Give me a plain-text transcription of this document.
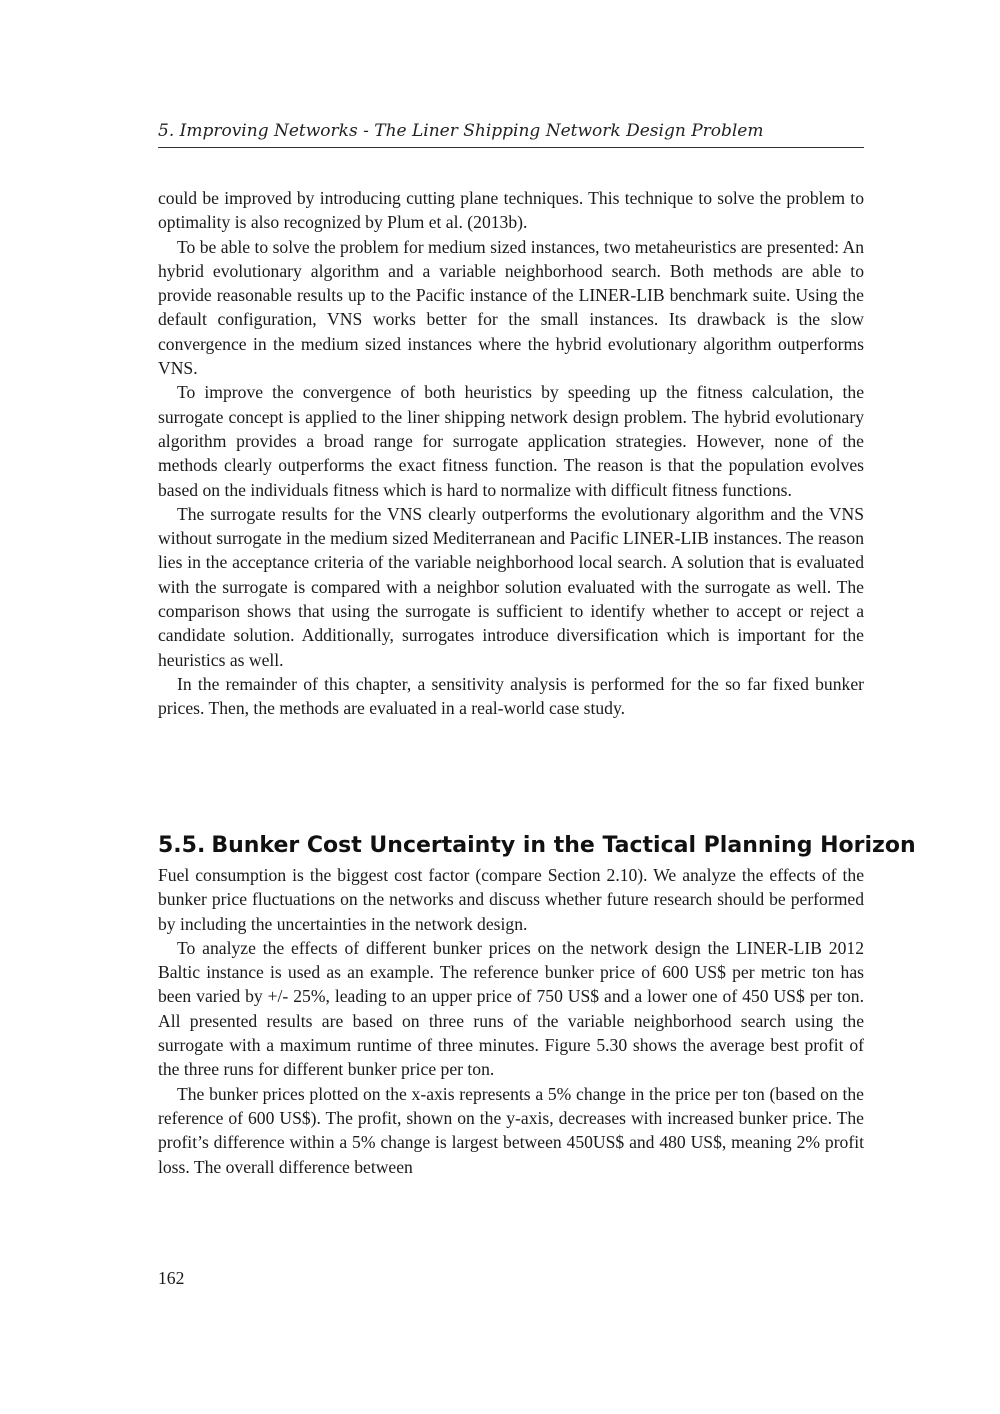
5. Improving Networks - The Liner Shipping Network Design Problem

could be improved by introducing cutting plane techniques. This technique to solve the problem to optimality is also recognized by Plum et al. (2013b).

To be able to solve the problem for medium sized instances, two metaheuristics are presented: An hybrid evolutionary algorithm and a variable neighborhood search. Both methods are able to provide reasonable results up to the Pacific instance of the LINER-LIB benchmark suite. Using the default configuration, VNS works better for the small instances. Its drawback is the slow convergence in the medium sized instances where the hybrid evolutionary algorithm outperforms VNS.

To improve the convergence of both heuristics by speeding up the fitness calculation, the surrogate concept is applied to the liner shipping network design problem. The hybrid evolutionary algorithm provides a broad range for surrogate application strategies. However, none of the methods clearly outperforms the exact fitness function. The reason is that the population evolves based on the individuals fitness which is hard to normalize with difficult fitness functions.

The surrogate results for the VNS clearly outperforms the evolutionary algorithm and the VNS without surrogate in the medium sized Mediterranean and Pacific LINER-LIB instances. The reason lies in the acceptance criteria of the variable neighborhood local search. A solution that is evaluated with the surrogate is compared with a neighbor solution evaluated with the surrogate as well. The comparison shows that using the surrogate is sufficient to identify whether to accept or reject a candidate solution. Additionally, surrogates introduce diversification which is important for the heuristics as well.

In the remainder of this chapter, a sensitivity analysis is performed for the so far fixed bunker prices. Then, the methods are evaluated in a real-world case study.

5.5. Bunker Cost Uncertainty in the Tactical Planning Horizon

Fuel consumption is the biggest cost factor (compare Section 2.10). We analyze the effects of the bunker price fluctuations on the networks and discuss whether future research should be performed by including the uncertainties in the network design.

To analyze the effects of different bunker prices on the network design the LINER-LIB 2012 Baltic instance is used as an example. The reference bunker price of 600 US$ per metric ton has been varied by +/- 25%, leading to an upper price of 750 US$ and a lower one of 450 US$ per ton. All presented results are based on three runs of the variable neighborhood search using the surrogate with a maximum runtime of three minutes. Figure 5.30 shows the average best profit of the three runs for different bunker price per ton.

The bunker prices plotted on the x-axis represents a 5% change in the price per ton (based on the reference of 600 US$). The profit, shown on the y-axis, decreases with increased bunker price. The profit’s difference within a 5% change is largest between 450US$ and 480 US$, meaning 2% profit loss. The overall difference between

162
